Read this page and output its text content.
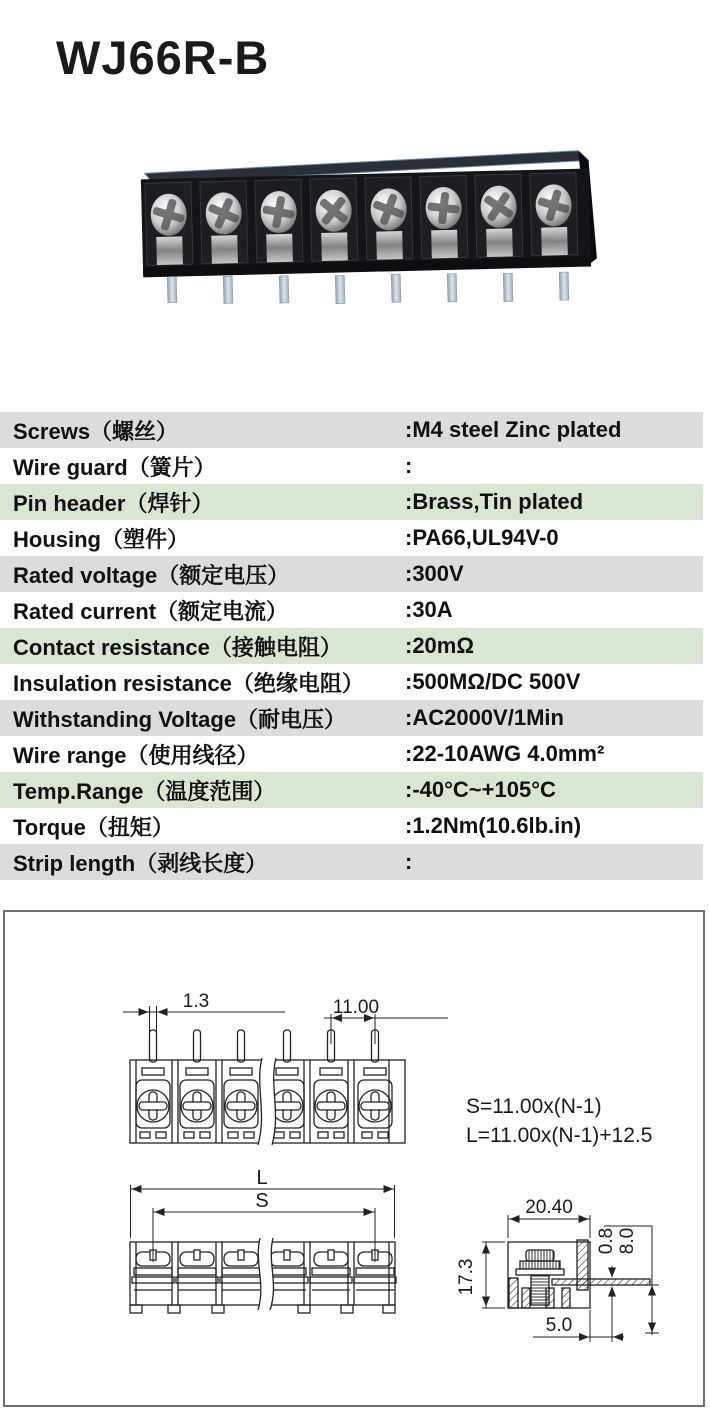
WJ66R-B
Screws（螺丝）	:M4 steel Zinc plated
Wire guard（簧片）	:
Pin header（焊针）	:Brass,Tin plated
Housing（塑件）	:PA66,UL94V-0
Rated voltage（额定电压）	:300V
Rated current（额定电流）	:30A
Contact resistance（接触电阻）	:20mΩ
Insulation resistance（绝缘电阻）	:500MΩ/DC 500V
Withstanding Voltage（耐电压）	:AC2000V/1Min
Wire range（使用线径）	:22-10AWG 4.0mm²
Temp.Range（温度范围）	:-40°C~+105°C
Torque（扭矩）	:1.2Nm(10.6lb.in)
Strip length（剥线长度）	:
1.3	11.00
S=11.00x(N-1)
L=11.00x(N-1)+12.5
L
S	20.40
17.3
0.8 8.0
5.0
